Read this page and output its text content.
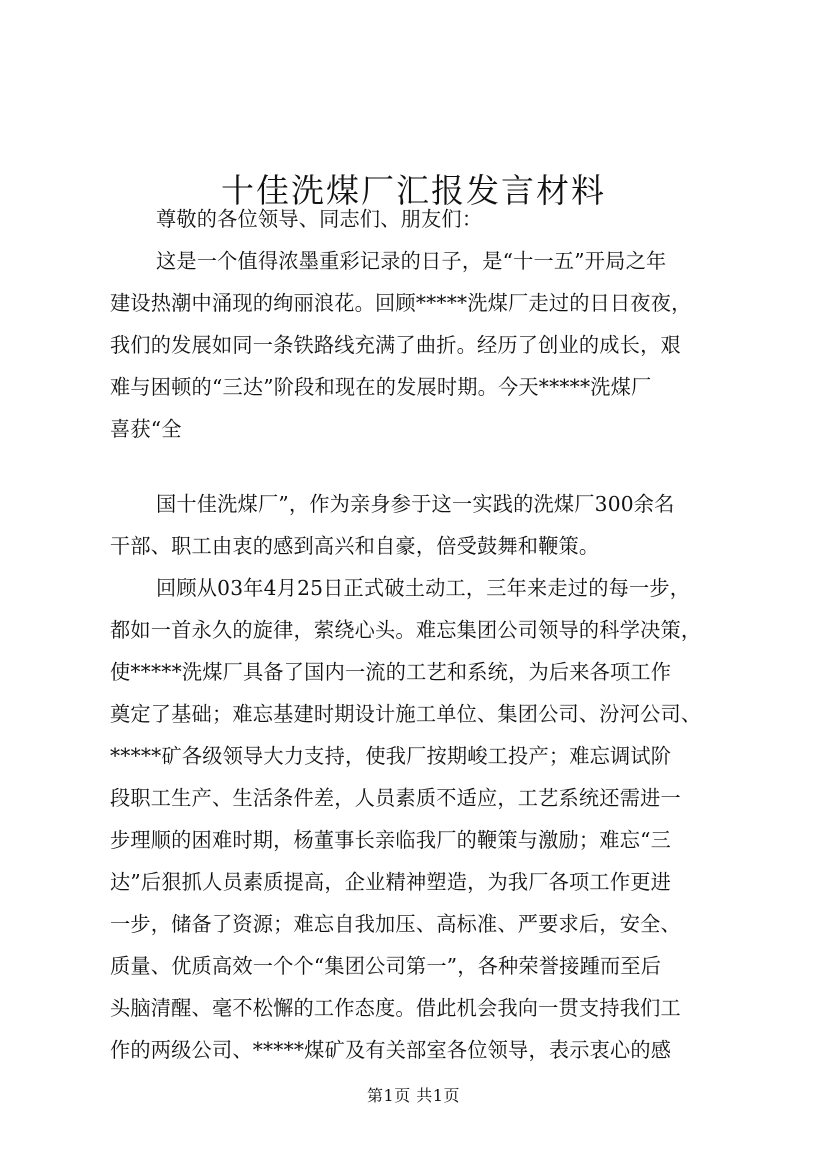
十佳洗煤厂汇报发言材料
尊敬的各位领导、同志们、朋友们：
这是一个值得浓墨重彩记录的日子，是“十一五”开局之年
建设热潮中涌现的绚丽浪花。回顾*****洗煤厂走过的日日夜夜，
我们的发展如同一条铁路线充满了曲折。经历了创业的成长，艰
难与困顿的“三达”阶段和现在的发展时期。今天*****洗煤厂
喜获“全
国十佳洗煤厂”，作为亲身参于这一实践的洗煤厂300余名
干部、职工由衷的感到高兴和自豪，倍受鼓舞和鞭策。
回顾从03年4月25日正式破土动工，三年来走过的每一步，
都如一首永久的旋律，萦绕心头。难忘集团公司领导的科学决策，
使*****洗煤厂具备了国内一流的工艺和系统，为后来各项工作
奠定了基础；难忘基建时期设计施工单位、集团公司、汾河公司、
*****矿各级领导大力支持，使我厂按期峻工投产；难忘调试阶
段职工生产、生活条件差，人员素质不适应，工艺系统还需进一
步理顺的困难时期，杨董事长亲临我厂的鞭策与激励；难忘“三
达”后狠抓人员素质提高，企业精神塑造，为我厂各项工作更进
一步，储备了资源；难忘自我加压、高标准、严要求后，安全、
质量、优质高效一个个“集团公司第一”，各种荣誉接踵而至后
头脑清醒、毫不松懈的工作态度。借此机会我向一贯支持我们工
作的两级公司、*****煤矿及有关部室各位领导，表示衷心的感
第1页 共1页
